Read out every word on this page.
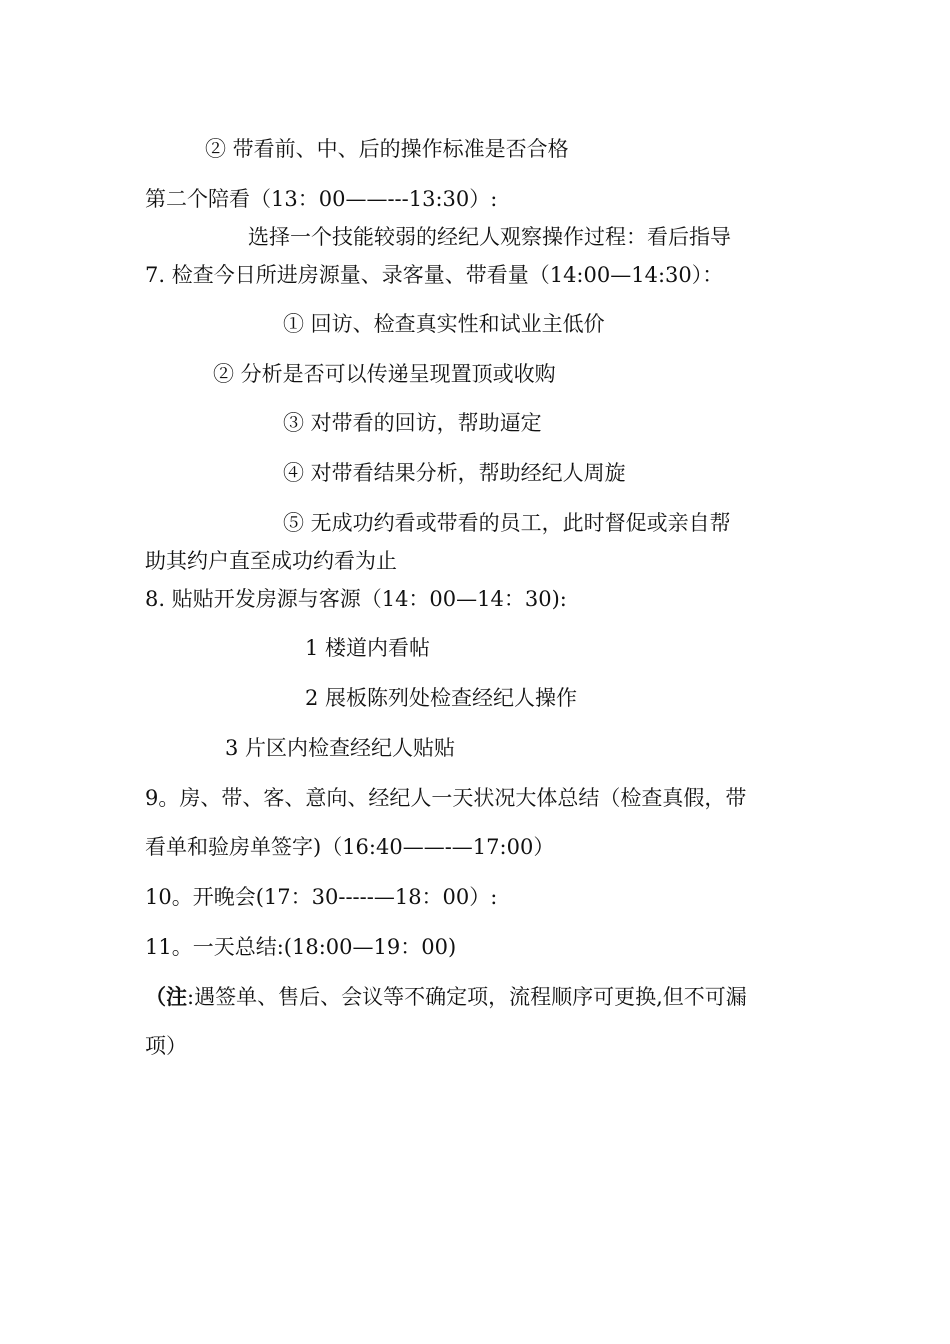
② 带看前、中、后的操作标准是否合格

第二个陪看（13：00——---13:30）:

选择一个技能较弱的经纪人观察操作过程：看后指导

7. 检查今日所进房源量、录客量、带看量（14:00—14:30）：

① 回访、检查真实性和试业主低价

② 分析是否可以传递呈现置顶或收购

③ 对带看的回访，帮助逼定

④ 对带看结果分析，帮助经纪人周旋

⑤ 无成功约看或带看的员工，此时督促或亲自帮

助其约户直至成功约看为止

8. 贴贴开发房源与客源（14：00—14：30):

1 楼道内看帖

2 展板陈列处检查经纪人操作

3 片区内检查经纪人贴贴

9。房、带、客、意向、经纪人一天状况大体总结（检查真假，带

看单和验房单签字)（16:40——-—17:00）

10。开晚会(17：30-----—18：00）:

11。一天总结:(18:00—19：00)

（注:遇签单、售后、会议等不确定项，流程顺序可更换,但不可漏

项）
